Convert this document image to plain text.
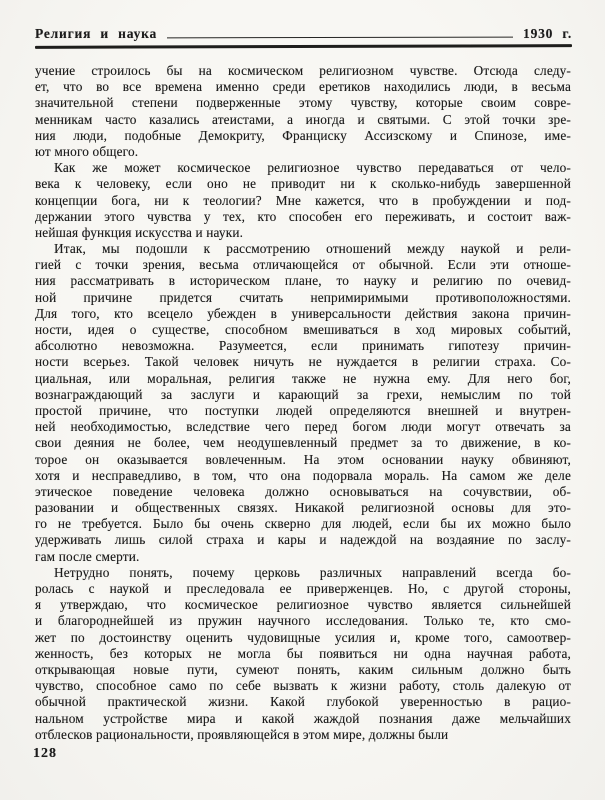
Религия и наука	1930 г.
учение строилось бы на космическом религиозном чувстве. Отсюда следу-
ет, что во все времена именно среди еретиков находились люди, в весьма
значительной степени подверженные этому чувству, которые своим совре-
менникам часто казались атеистами, а иногда и святыми. С этой точки зре-
ния люди, подобные Демокриту, Франциску Ассизскому и Спинозе, име-
ют много общего.
Как же может космическое религиозное чувство передаваться от чело-
века к человеку, если оно не приводит ни к сколько-нибудь завершенной
концепции бога, ни к теологии? Мне кажется, что в пробуждении и под-
держании этого чувства у тех, кто способен его переживать, и состоит важ-
нейшая функция искусства и науки.
Итак, мы подошли к рассмотрению отношений между наукой и рели-
гией с точки зрения, весьма отличающейся от обычной. Если эти отноше-
ния рассматривать в историческом плане, то науку и религию по очевид-
ной причине придется считать непримиримыми противоположностями.
Для того, кто всецело убежден в универсальности действия закона причин-
ности, идея о существе, способном вмешиваться в ход мировых событий,
абсолютно невозможна. Разумеется, если принимать гипотезу причин-
ности всерьез. Такой человек ничуть не нуждается в религии страха. Со-
циальная, или моральная, религия также не нужна ему. Для него бог,
вознаграждающий за заслуги и карающий за грехи, немыслим по той
простой причине, что поступки людей определяются внешней и внутрен-
ней необходимостью, вследствие чего перед богом люди могут отвечать за
свои деяния не более, чем неодушевленный предмет за то движение, в ко-
торое он оказывается вовлеченным. На этом основании науку обвиняют,
хотя и несправедливо, в том, что она подорвала мораль. На самом же деле
этическое поведение человека должно основываться на сочувствии, об-
разовании и общественных связях. Никакой религиозной основы для это-
го не требуется. Было бы очень скверно для людей, если бы их можно было
удерживать лишь силой страха и кары и надеждой на воздаяние по заслу-
гам после смерти.
Нетрудно понять, почему церковь различных направлений всегда бо-
ролась с наукой и преследовала ее приверженцев. Но, с другой стороны,
я утверждаю, что космическое религиозное чувство является сильнейшей
и благороднейшей из пружин научного исследования. Только те, кто смо-
жет по достоинству оценить чудовищные усилия и, кроме того, самоотвер-
женность, без которых не могла бы появиться ни одна научная работа,
открывающая новые пути, сумеют понять, каким сильным должно быть
чувство, способное само по себе вызвать к жизни работу, столь далекую от
обычной практической жизни. Какой глубокой уверенностью в рацио-
нальном устройстве мира и какой жаждой познания даже мельчайших
отблесков рациональности, проявляющейся в этом мире, должны были
128
